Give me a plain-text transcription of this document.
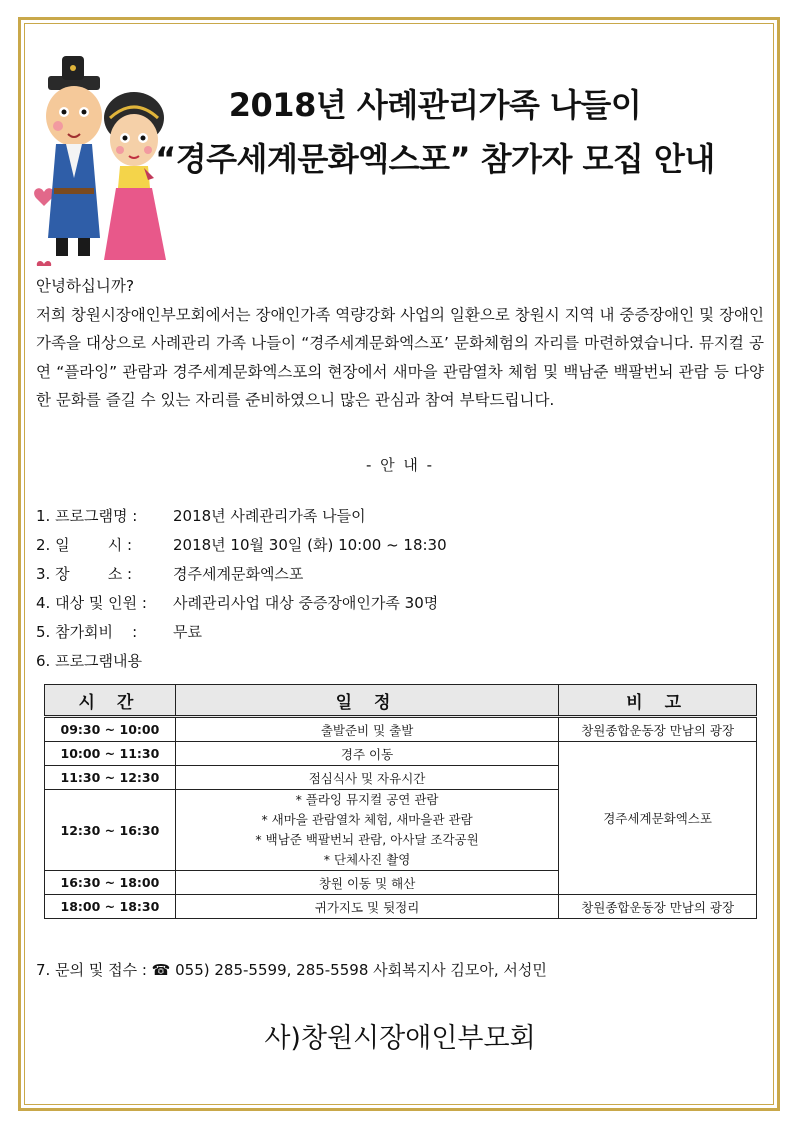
2018년 사례관리가족 나들이
“경주세계문화엑스포” 참가자 모집 안내

안녕하십니까?

저희 창원시장애인부모회에서는 장애인가족 역량강화 사업의 일환으로 창원시 지역 내 중증장애인 및 장애인가족을 대상으로 사례관리 가족 나들이 “경주세계문화엑스포’ 문화체험의 자리를 마련하였습니다. 뮤지컬 공연 “플라잉” 관람과 경주세계문화엑스포의 현장에서 새마을 관람열차 체험 및 백남준 백팔번뇌 관람 등 다양한 문화를 즐길 수 있는 자리를 준비하였으니 많은 관심과 참여 부탁드립니다.

- 안 내 -
1. 프로그램명 : 2018년 사례관리가족 나들이
2. 일        시 :	2018년 10월 30일 (화) 10:00 ~ 18:30
3. 장        소 :	경주세계문화엑스포
4. 대상 및 인원 : 사례관리사업 대상 중증장애인가족 30명
5. 참가회비    : 무료
6. 프로그램내용
시 간	일 정	비 고
09:30 ~ 10:00	출발준비 및 출발	창원종합운동장 만남의 광장
10:00 ~ 11:30	경주 이동	경주세계문화엑스포
11:30 ~ 12:30	점심식사 및 자유시간	
12:30 ~ 16:30	* 플라잉 뮤지컬 공연 관람
* 새마을 관람열차 체험, 새마을관 관람
* 백남준 백팔번뇌 관람, 아사달 조각공원
* 단체사진 촬영	

16:30 ~ 18:00	창원 이동 및 해산	
18:00 ~ 18:30	귀가지도 및 뒷정리	창원종합운동장 만남의 광장
7. 문의 및 접수 : ☎ 055) 285-5599, 285-5598 사회복지사 김모아, 서성민
사)창원시장애인부모회
